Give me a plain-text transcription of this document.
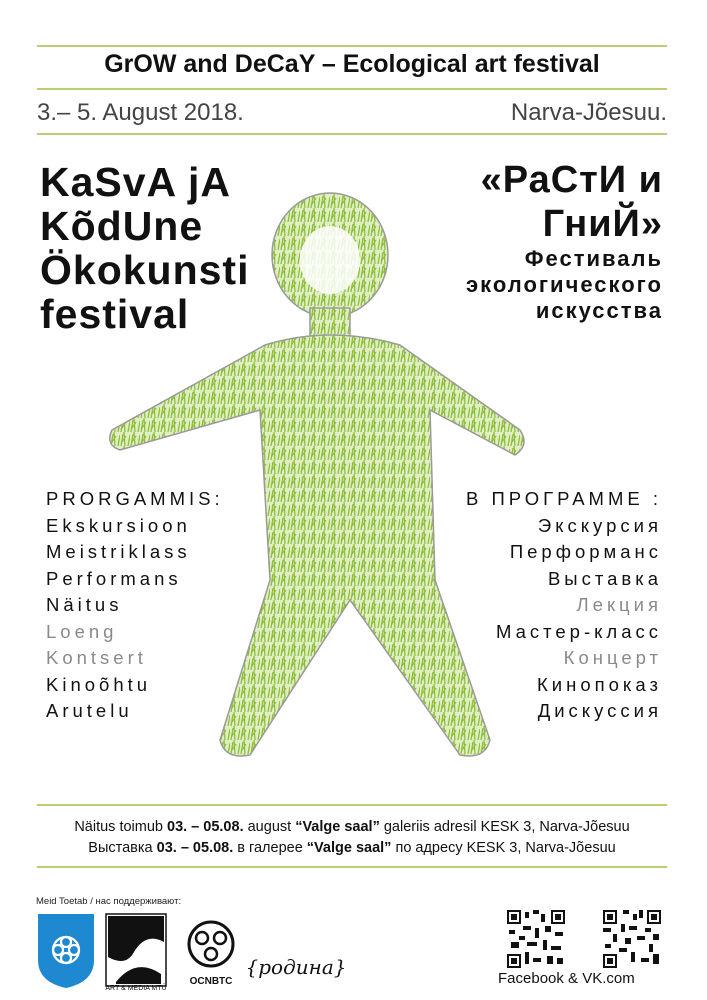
GrOW and DeCaY – Ecological art festival
3.– 5. August 2018.	Narva-Jõesuu.
KaSvA jA
KõdUne
Ökokunsti
festival
«РаСтИ и
ГниЙ»
Фестиваль
экологического
искусства
PRORGAMMIS:
Ekskursioon
Meistriklass
Performans
Näitus
Loeng
Kontsert
Kinoõhtu
Arutelu
В ПРОГРАММЕ :
Экскурсия
Перформанс
Выставка
Лекция
Мастер-класс
Концерт
Кинопоказ
Дискуссия
Näitus toimub 03. – 05.08. august “Valge saal” galeriis adresil KESK 3, Narva-Jõesuu
Выставка 03. – 05.08. в галерее “Valge saal” по адресу KESK 3, Narva-Jõesuu
Meid Toetab / нас поддерживают:
ART & MEDIA MTÜ
OCNBTC
{родина}	Facebook & VK.com
